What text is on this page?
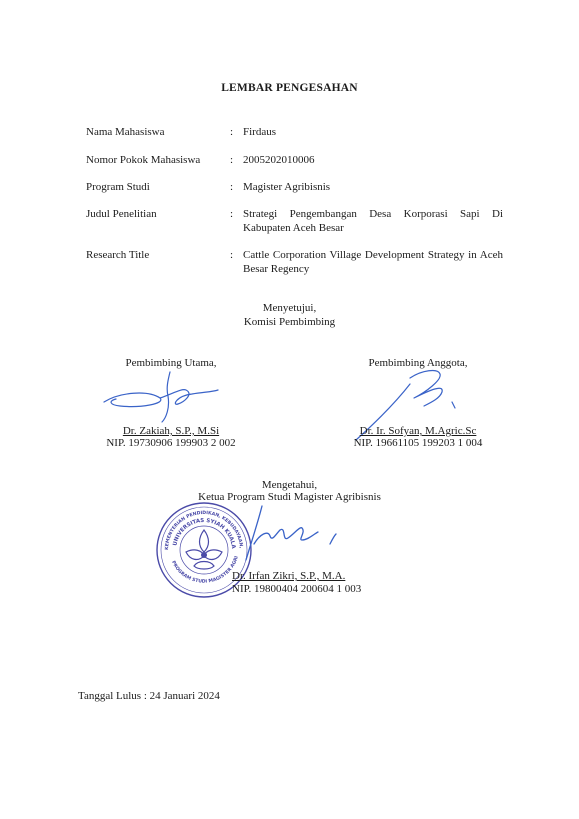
LEMBAR PENGESAHAN
Nama Mahasiswa	: Firdaus
Nomor Pokok Mahasiswa	: 2005202010006
Program Studi	: Magister Agribisnis
Judul Penelitian	: Strategi Pengembangan Desa Korporasi Sapi Di Kabupaten Aceh Besar
Research Title	: Cattle Corporation Village Development Strategy in Aceh Besar Regency
Menyetujui,
Komisi Pembimbing
Pembimbing Utama,
Dr. Zakiah, S.P., M.Si
NIP. 19730906 199903 2 002
Pembimbing Anggota,
Dr. Ir. Sofyan, M.Agric.Sc
NIP. 19661105 199203 1 004
Mengetahui,
Ketua Program Studi Magister Agribisnis
KEMENTERIAN PENDIDIKAN, KEBUDAYAAN,
UNIVERSITAS SYIAH KUALA
PROGRAM STUDI MAGISTER AGRI
Dr. Irfan Zikri, S.P., M.A.
NIP. 19800404 200604 1 003
Tanggal Lulus : 24 Januari 2024
